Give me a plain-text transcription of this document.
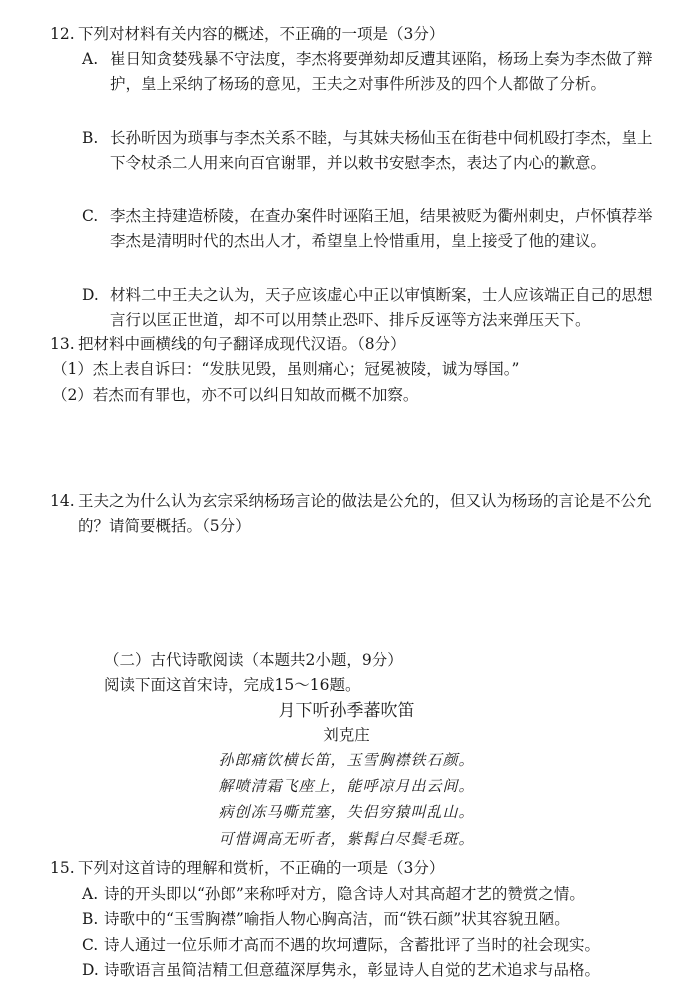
12. 下列对材料有关内容的概述，不正确的一项是（3分）
A. 崔日知贪婪残暴不守法度，李杰将要弹劾却反遭其诬陷，杨玚上奏为李杰做了辩护，皇上采纳了杨玚的意见，王夫之对事件所涉及的四个人都做了分析。
B. 长孙昕因为琐事与李杰关系不睦，与其妹夫杨仙玉在街巷中伺机殴打李杰，皇上下令杖杀二人用来向百官谢罪，并以敕书安慰李杰，表达了内心的歉意。
C. 李杰主持建造桥陵，在查办案件时诬陷王旭，结果被贬为衢州刺史，卢怀慎荐举李杰是清明时代的杰出人才，希望皇上怜惜重用，皇上接受了他的建议。
D. 材料二中王夫之认为，天子应该虚心中正以审慎断案，士人应该端正自己的思想言行以匡正世道，却不可以用禁止恐吓、排斥反诬等方法来弹压天下。
13. 把材料中画横线的句子翻译成现代汉语。（8分）
（1）杰上表自诉曰：“发肤见毁，虽则痛心；冠冕被陵，诚为辱国。”
（2）若杰而有罪也，亦不可以纠日知故而概不加察。
14. 王夫之为什么认为玄宗采纳杨玚言论的做法是公允的，但又认为杨玚的言论是不公允的？请简要概括。（5分）
（二）古代诗歌阅读（本题共2小题，9分）
阅读下面这首宋诗，完成15～16题。
月下听孙季蕃吹笛
刘克庄
孙郎痛饮横长笛，玉雪胸襟铁石颜。
解喷清霜飞座上，能呼凉月出云间。
病创冻马嘶荒塞，失侣穷猿叫乱山。
可惜调高无听者，紫髯白尽鬓毛斑。
15. 下列对这首诗的理解和赏析，不正确的一项是（3分）
A. 诗的开头即以“孙郎”来称呼对方，隐含诗人对其高超才艺的赞赏之情。
B. 诗歌中的“玉雪胸襟”喻指人物心胸高洁，而“铁石颜”状其容貌丑陋。
C. 诗人通过一位乐师才高而不遇的坎坷遭际，含蓄批评了当时的社会现实。
D. 诗歌语言虽简洁精工但意蕴深厚隽永，彰显诗人自觉的艺术追求与品格。
